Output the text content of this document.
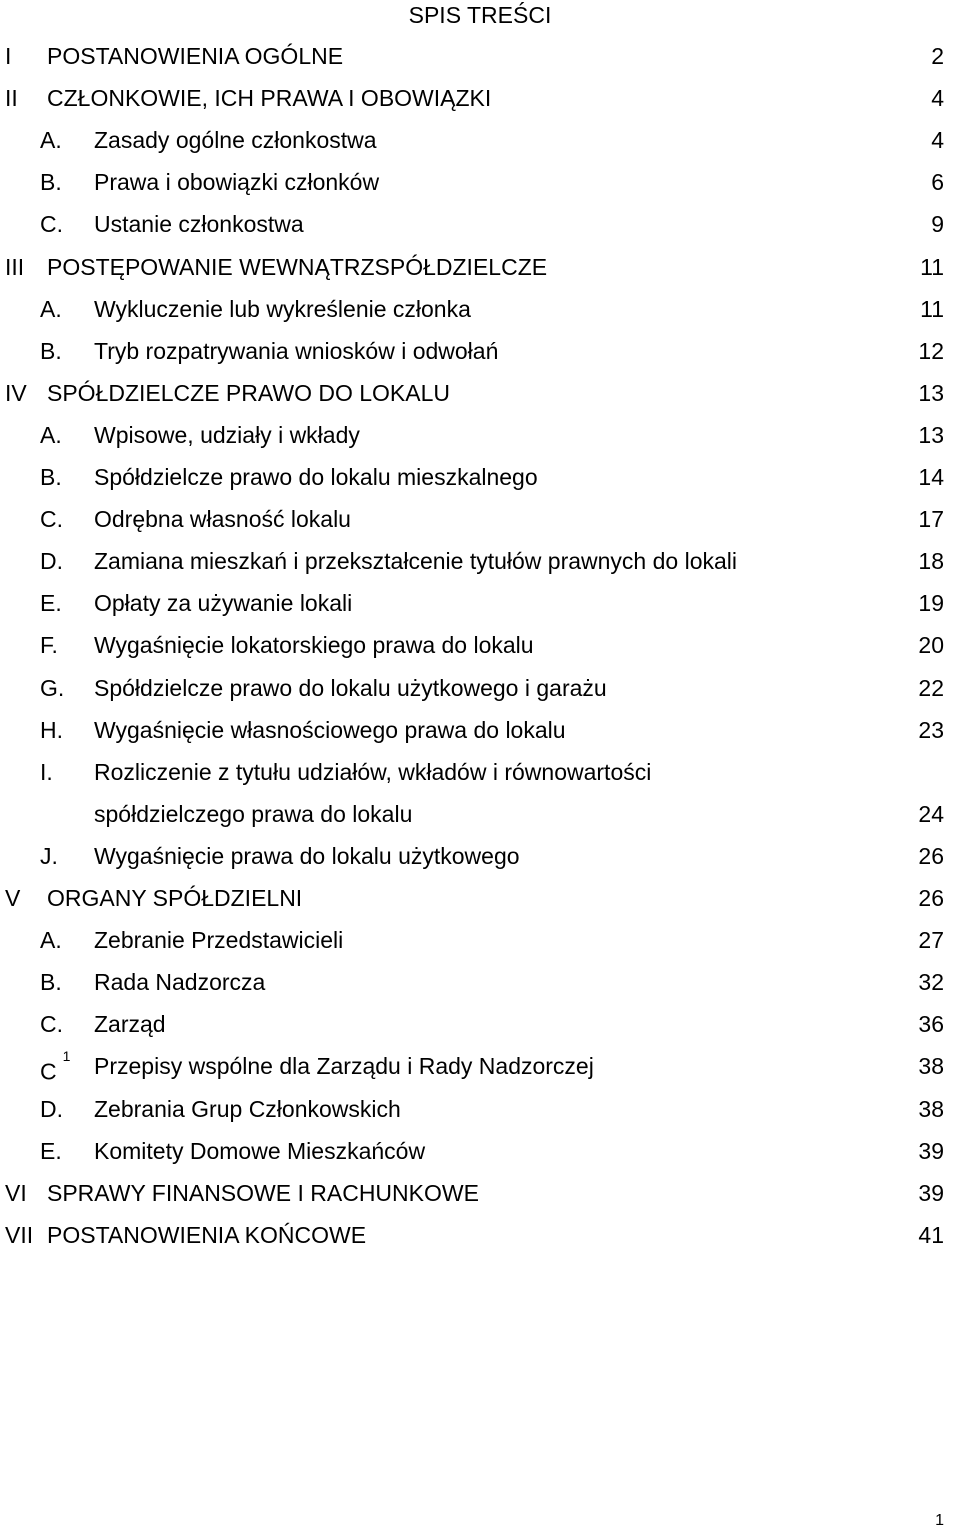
SPIS TREŚCI
I POSTANOWIENIA OGÓLNE	2
II CZŁONKOWIE, ICH PRAWA I OBOWIĄZKI	4
A. Zasady ogólne członkostwa	4
B. Prawa i obowiązki członków	6
C. Ustanie członkostwa	9
III POSTĘPOWANIE WEWNĄTRZSPÓŁDZIELCZE	11
A. Wykluczenie lub wykreślenie członka	11
B. Tryb rozpatrywania wniosków i odwołań	12
IV SPÓŁDZIELCZE PRAWO DO LOKALU	13
A. Wpisowe, udziały i wkłady	13
B. Spółdzielcze prawo do lokalu mieszkalnego	14
C. Odrębna własność lokalu	17
D. Zamiana mieszkań i przekształcenie tytułów prawnych do lokali	18
E. Opłaty za używanie lokali	19
F. Wygaśnięcie lokatorskiego prawa do lokalu	20
G. Spółdzielcze prawo do lokalu użytkowego i garażu	22
H. Wygaśnięcie własnościowego prawa do lokalu	23
I. Rozliczenie z tytułu udziałów, wkładów i równowartości
spółdzielczego prawa do lokalu	24
J. Wygaśnięcie prawa do lokalu użytkowego	26
V ORGANY SPÓŁDZIELNI	26
A. Zebranie Przedstawicieli	27
B. Rada Nadzorcza	32
C. Zarząd	36
$C^1$ Przepisy wspólne dla Zarządu i Rady Nadzorczej	38
D. Zebrania Grup Członkowskich	38
E. Komitety Domowe Mieszkańców	39
VI SPRAWY FINANSOWE I RACHUNKOWE	39
VII POSTANOWIENIA KOŃCOWE	41
1
